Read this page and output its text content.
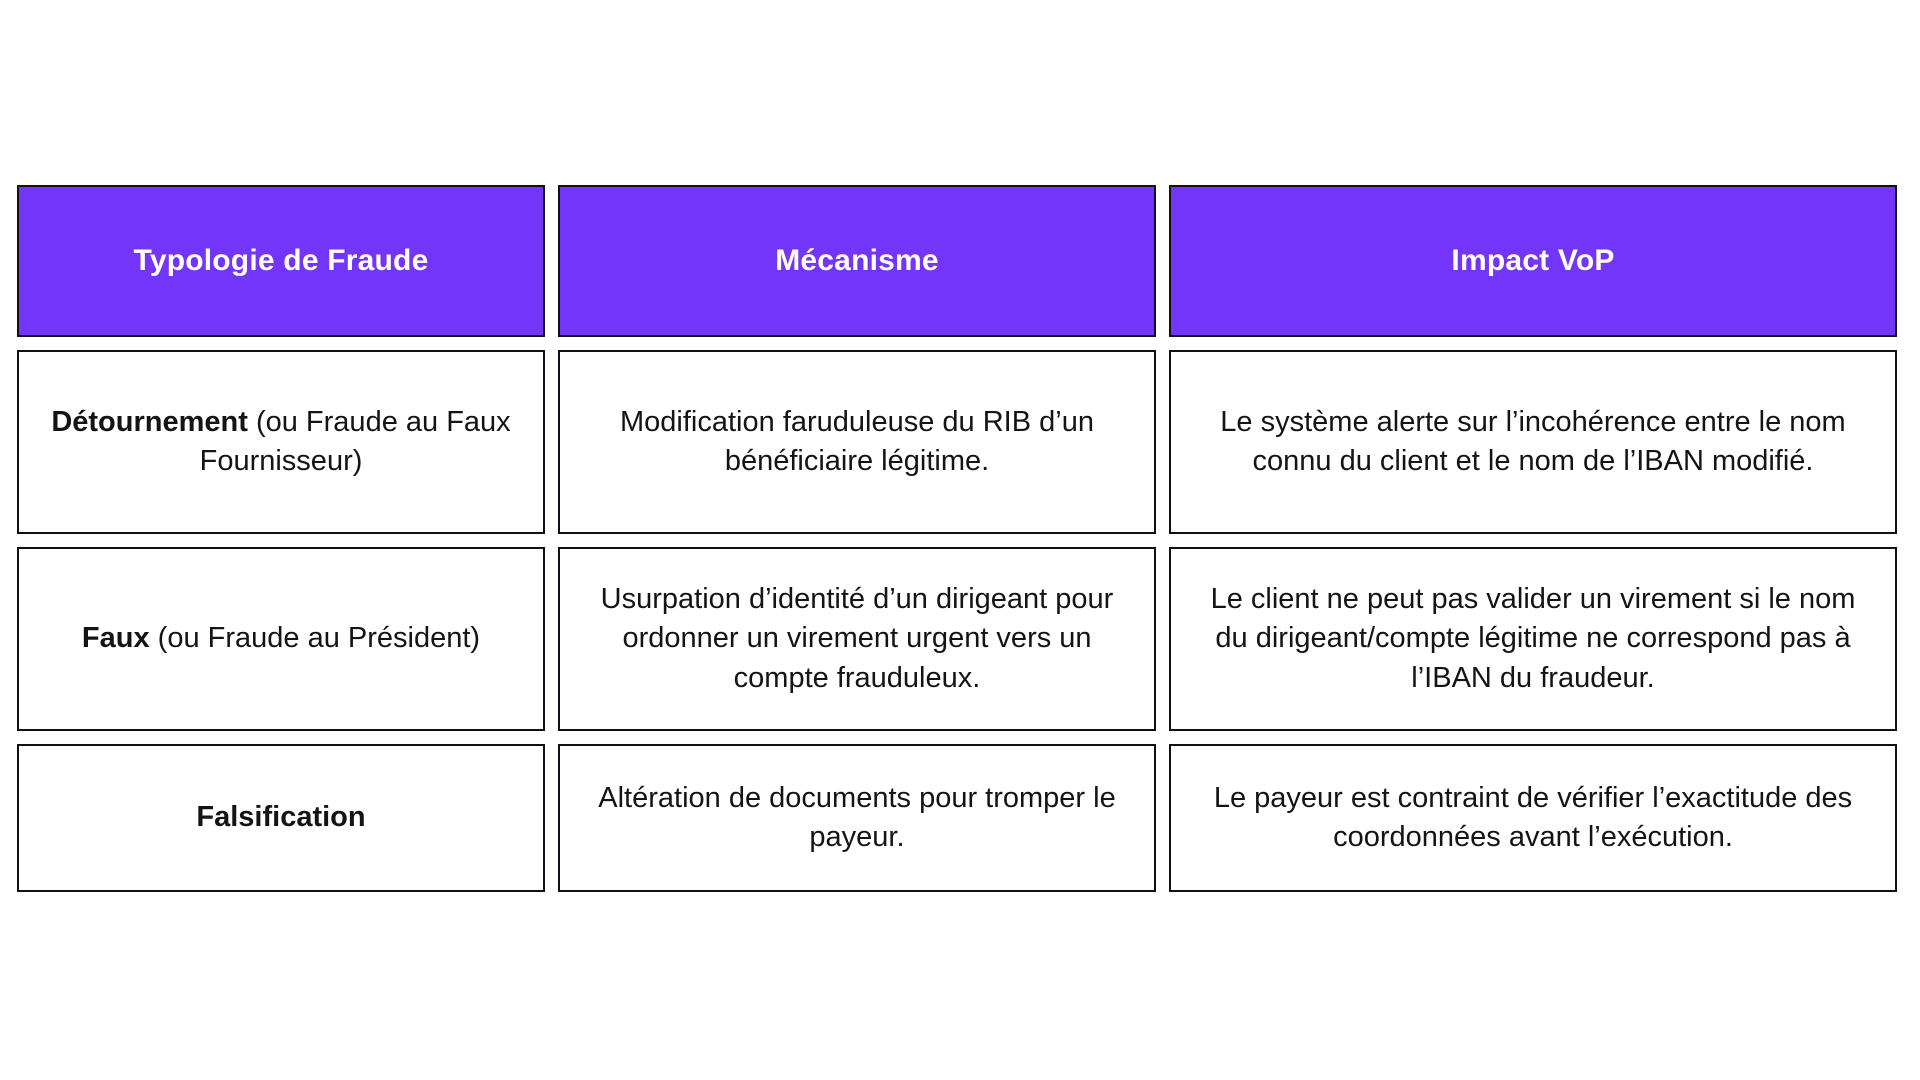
Typologie de Fraude	Mécanisme	Impact VoP
Détournement (ou Fraude au Faux Fournisseur)
Modification faruduleuse du RIB d’un bénéficiaire légitime.
Le système alerte sur l’incohérence entre le nom connu du client et le nom de l’IBAN modifié.
Faux (ou Fraude au Président)
Usurpation d’identité d’un dirigeant pour ordonner un virement urgent vers un compte frauduleux.
Le client ne peut pas valider un virement si le nom du dirigeant/compte légitime ne correspond pas à l’IBAN du fraudeur.
Falsification
Altération de documents pour tromper le payeur.
Le payeur est contraint de vérifier l’exactitude des coordonnées avant l’exécution.
